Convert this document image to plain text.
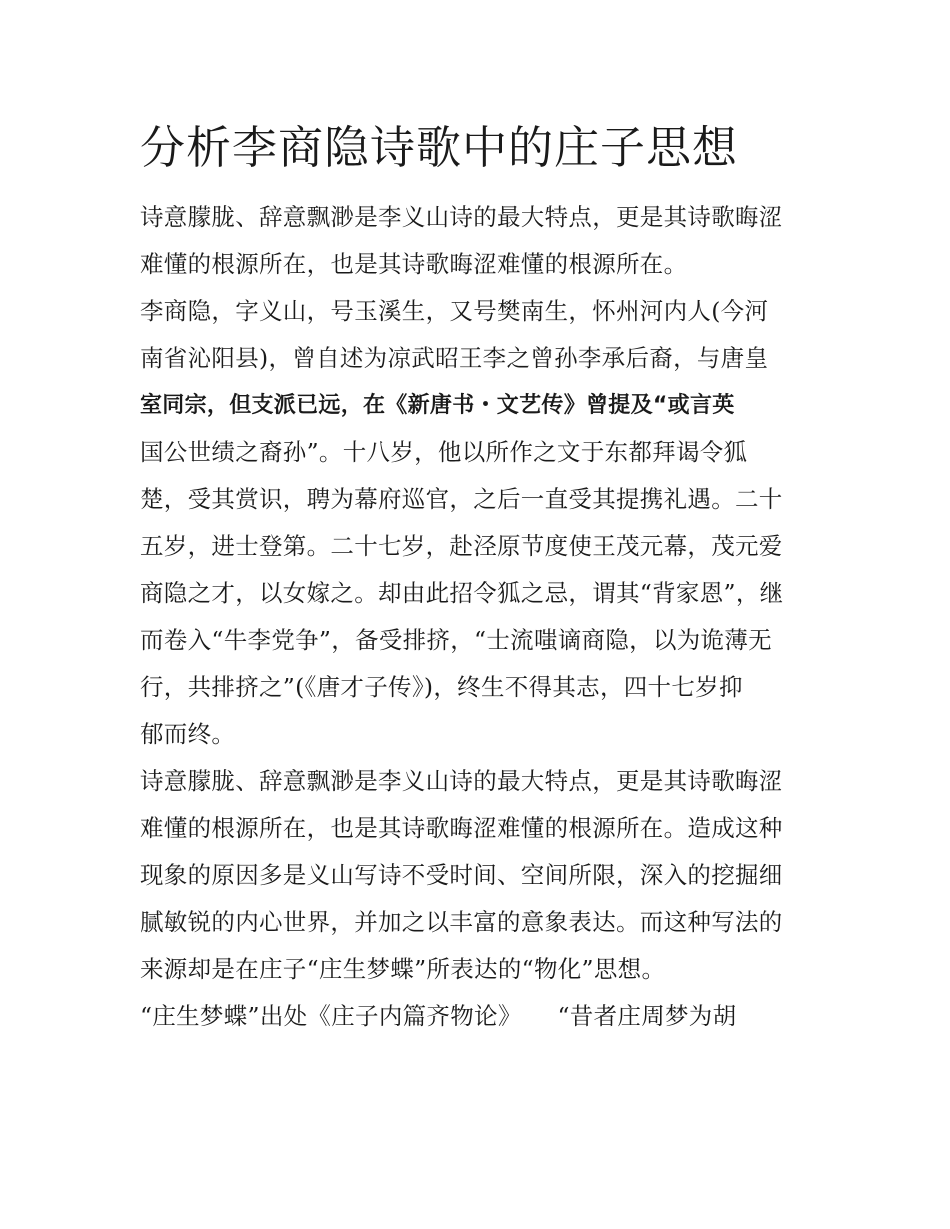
分析李商隐诗歌中的庄子思想
诗意朦胧、辞意飘渺是李义山诗的最大特点，更是其诗歌晦涩
难懂的根源所在，也是其诗歌晦涩难懂的根源所在。
李商隐，字义山，号玉溪生，又号樊南生，怀州河内人(今河
南省沁阳县)，曾自述为凉武昭王李之曾孙李承后裔，与唐皇
室同宗，但支派已远，在《新唐书・文艺传》曾提及“或言英
国公世绩之裔孙”。十八岁，他以所作之文于东都拜谒令狐
楚，受其赏识，聘为幕府巡官，之后一直受其提携礼遇。二十
五岁，进士登第。二十七岁，赴泾原节度使王茂元幕，茂元爱
商隐之才，以女嫁之。却由此招令狐之忌，谓其“背家恩”，继
而卷入“牛李党争”，备受排挤，“士流嗤谪商隐，以为诡薄无
行，共排挤之”(《唐才子传》)，终生不得其志，四十七岁抑
郁而终。
诗意朦胧、辞意飘渺是李义山诗的最大特点，更是其诗歌晦涩
难懂的根源所在，也是其诗歌晦涩难懂的根源所在。造成这种
现象的原因多是义山写诗不受时间、空间所限，深入的挖掘细
腻敏锐的内心世界，并加之以丰富的意象表达。而这种写法的
来源却是在庄子“庄生梦蝶”所表达的“物化”思想。
“庄生梦蝶”出处《庄子内篇齐物论》　　“昔者庄周梦为胡
